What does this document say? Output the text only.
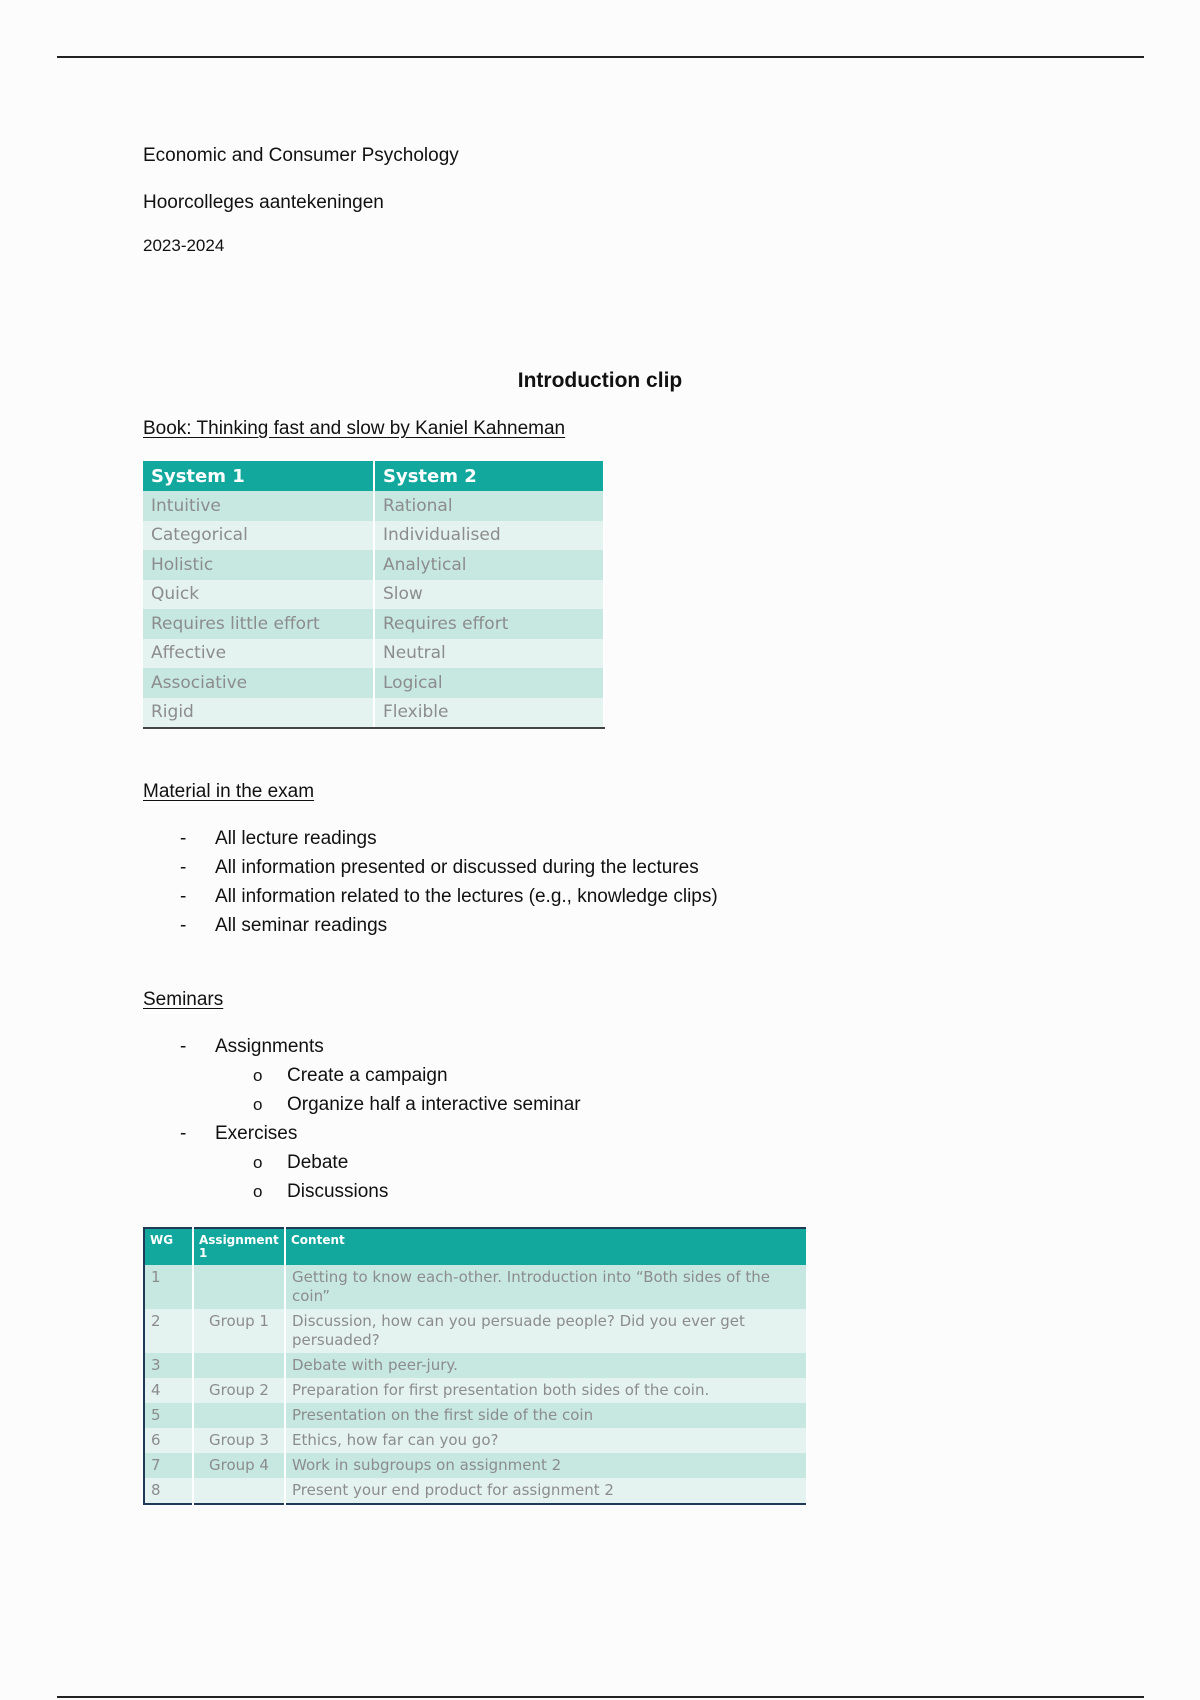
Economic and Consumer Psychology
Hoorcolleges aantekeningen
2023-2024
Introduction clip
Book: Thinking fast and slow by Kaniel Kahneman
System 1	System 2
Intuitive	Rational
Categorical	Individualised
Holistic	Analytical
Quick	Slow
Requires little effort	Requires effort
Affective	Neutral
Associative	Logical
Rigid	Flexible
Material in the exam
- All lecture readings
- All information presented or discussed during the lectures
- All information related to the lectures (e.g., knowledge clips)
- All seminar readings
Seminars
- Assignments
o Create a campaign
o Organize half a interactive seminar
- Exercises
o Debate
o Discussions
WG	Assignment 1	Content
1		Getting to know each-other. Introduction into “Both sides of the coin”
2	Group 1	Discussion, how can you persuade people? Did you ever get persuaded?
3		Debate with peer-jury.
4	Group 2	Preparation for first presentation both sides of the coin.
5		Presentation on the first side of the coin
6	Group 3	Ethics, how far can you go?
7	Group 4	Work in subgroups on assignment 2
8		Present your end product for assignment 2
